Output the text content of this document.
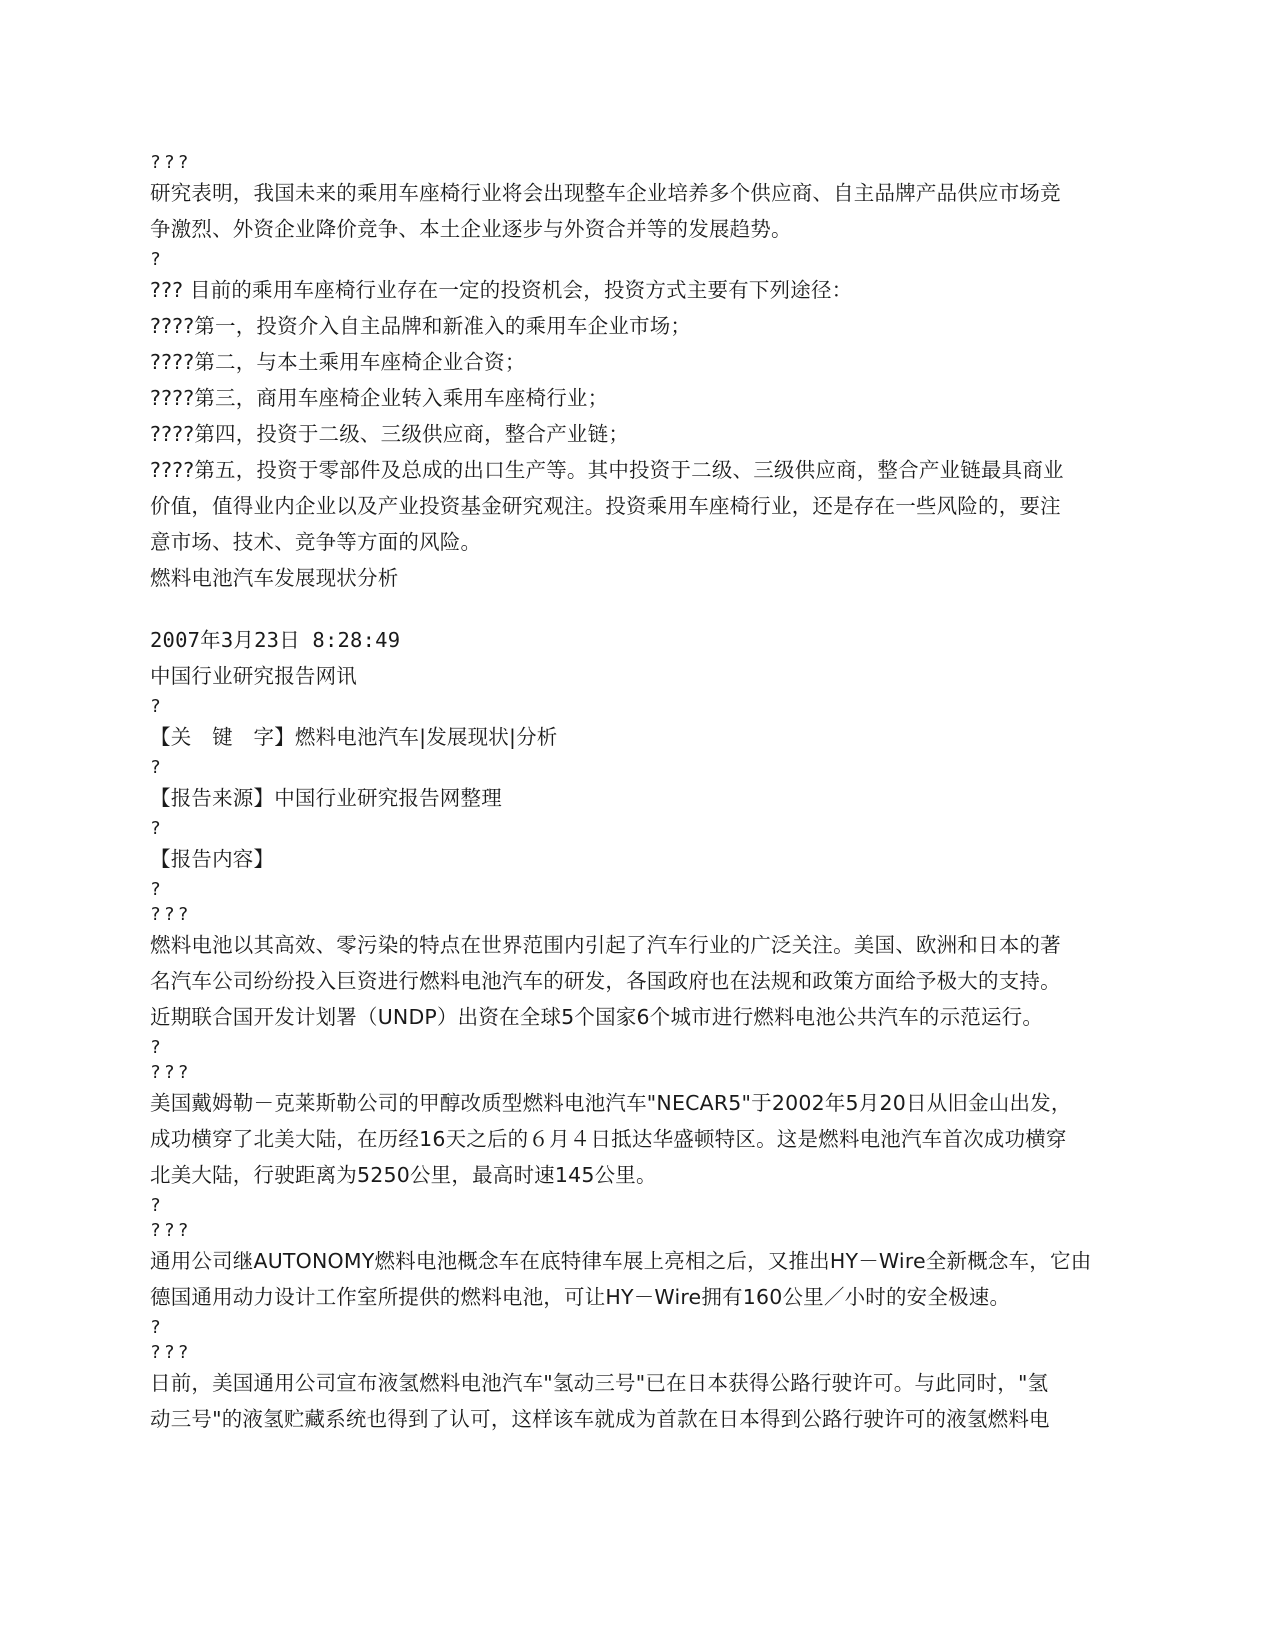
???
研究表明，我国未来的乘用车座椅行业将会出现整车企业培养多个供应商、自主品牌产品供应市场竞
争激烈、外资企业降价竞争、本土企业逐步与外资合并等的发展趋势。
?
??? 目前的乘用车座椅行业存在一定的投资机会，投资方式主要有下列途径：
????第一，投资介入自主品牌和新准入的乘用车企业市场；
????第二，与本土乘用车座椅企业合资；
????第三，商用车座椅企业转入乘用车座椅行业；
????第四，投资于二级、三级供应商，整合产业链；
????第五，投资于零部件及总成的出口生产等。其中投资于二级、三级供应商，整合产业链最具商业
价值，值得业内企业以及产业投资基金研究观注。投资乘用车座椅行业，还是存在一些风险的，要注
意市场、技术、竞争等方面的风险。
燃料电池汽车发展现状分析
2007年3月23日 8:28:49
中国行业研究报告网讯
?
【关　键　字】燃料电池汽车|发展现状|分析
?
【报告来源】中国行业研究报告网整理
?
【报告内容】
?
???
燃料电池以其高效、零污染的特点在世界范围内引起了汽车行业的广泛关注。美国、欧洲和日本的著
名汽车公司纷纷投入巨资进行燃料电池汽车的研发，各国政府也在法规和政策方面给予极大的支持。
近期联合国开发计划署（UNDP）出资在全球5个国家6个城市进行燃料电池公共汽车的示范运行。
?
???
美国戴姆勒－克莱斯勒公司的甲醇改质型燃料电池汽车"NECAR5"于2002年5月20日从旧金山出发，
成功横穿了北美大陆，在历经16天之后的６月４日抵达华盛顿特区。这是燃料电池汽车首次成功横穿
北美大陆，行驶距离为5250公里，最高时速145公里。
?
???
通用公司继AUTONOMY燃料电池概念车在底特律车展上亮相之后，又推出HY－Wire全新概念车，它由
德国通用动力设计工作室所提供的燃料电池，可让HY－Wire拥有160公里／小时的安全极速。
?
???
日前，美国通用公司宣布液氢燃料电池汽车"氢动三号"已在日本获得公路行驶许可。与此同时，"氢
动三号"的液氢贮藏系统也得到了认可，这样该车就成为首款在日本得到公路行驶许可的液氢燃料电
